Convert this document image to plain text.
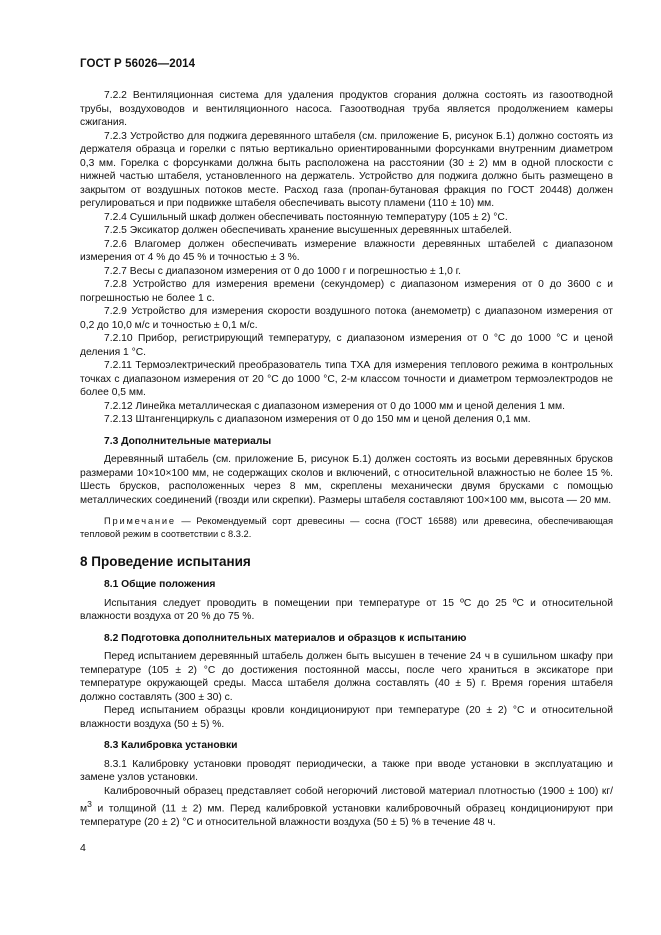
ГОСТ Р 56026—2014

7.2.2 Вентиляционная система для удаления продуктов сгорания должна состоять из газоотводной трубы, воздуховодов и вентиляционного насоса. Газоотводная труба является продолжением камеры сжигания.

7.2.3 Устройство для поджига деревянного штабеля (см. приложение Б, рисунок Б.1) должно состоять из держателя образца и горелки с пятью вертикально ориентированными форсунками внутренним диаметром 0,3 мм. Горелка с форсунками должна быть расположена на расстоянии (30 ± 2) мм в одной плоскости с нижней частью штабеля, установленного на держатель. Устройство для поджига должно быть размещено в закрытом от воздушных потоков месте. Расход газа (пропан-бутановая фракция по ГОСТ 20448) должен регулироваться и при подвижке штабеля обеспечивать высоту пламени (110 ± 10) мм.

7.2.4 Сушильный шкаф должен обеспечивать постоянную температуру (105 ± 2) °С.

7.2.5 Эксикатор должен обеспечивать хранение высушенных деревянных штабелей.

7.2.6 Влагомер должен обеспечивать измерение влажности деревянных штабелей с диапазоном измерения от 4 % до 45 % и точностью ± 3 %.

7.2.7 Весы с диапазоном измерения от 0 до 1000 г и погрешностью ± 1,0 г.

7.2.8 Устройство для измерения времени (секундомер) с диапазоном измерения от 0 до 3600 с и погрешностью не более 1 с.

7.2.9 Устройство для измерения скорости воздушного потока (анемометр) с диапазоном измерения от 0,2 до 10,0 м/с и точностью ± 0,1 м/с.

7.2.10 Прибор, регистрирующий температуру, с диапазоном измерения от 0 °С до 1000 °С и ценой деления 1 °С.

7.2.11 Термоэлектрический преобразователь типа ТХА для измерения теплового режима в контрольных точках с диапазоном измерения от 20 °С до 1000 °С, 2-м классом точности и диаметром термоэлектродов не более 0,5 мм.

7.2.12 Линейка металлическая с диапазоном измерения от 0 до 1000 мм и ценой деления 1 мм.

7.2.13 Штангенциркуль с диапазоном измерения от 0 до 150 мм и ценой деления 0,1 мм.

7.3 Дополнительные материалы

Деревянный штабель (см. приложение Б, рисунок Б.1) должен состоять из восьми деревянных брусков размерами 10×10×100 мм, не содержащих сколов и включений, с относительной влажностью не более 15 %. Шесть брусков, расположенных через 8 мм, скреплены механически двумя брусками с помощью металлических соединений (гвозди или скрепки). Размеры штабеля составляют 100×100 мм, высота — 20 мм.

Примечание — Рекомендуемый сорт древесины — сосна (ГОСТ 16588) или древесина, обеспечивающая тепловой режим в соответствии с 8.3.2.

8 Проведение испытания

8.1 Общие положения

Испытания следует проводить в помещении при температуре от 15 ºС до 25 ºС и относительной влажности воздуха от 20 % до 75 %.

8.2 Подготовка дополнительных материалов и образцов к испытанию

Перед испытанием деревянный штабель должен быть высушен в течение 24 ч в сушильном шкафу при температуре (105 ± 2) °С до достижения постоянной массы, после чего храниться в эксикаторе при температуре окружающей среды. Масса штабеля должна составлять (40 ± 5) г. Время горения штабеля должно составлять (300 ± 30) с.

Перед испытанием образцы кровли кондиционируют при температуре (20 ± 2) °С и относительной влажности воздуха (50 ± 5) %.

8.3 Калибровка установки

8.3.1 Калибровку установки проводят периодически, а также при вводе установки в эксплуатацию и замене узлов установки.

Калибровочный образец представляет собой негорючий листовой материал плотностью (1900 ± 100) $кг/м^3$ и толщиной (11 ± 2) мм. Перед калибровкой установки калибровочный образец кондиционируют при температуре (20 ± 2) °С и относительной влажности воздуха (50 ± 5) % в течение 48 ч.

4
